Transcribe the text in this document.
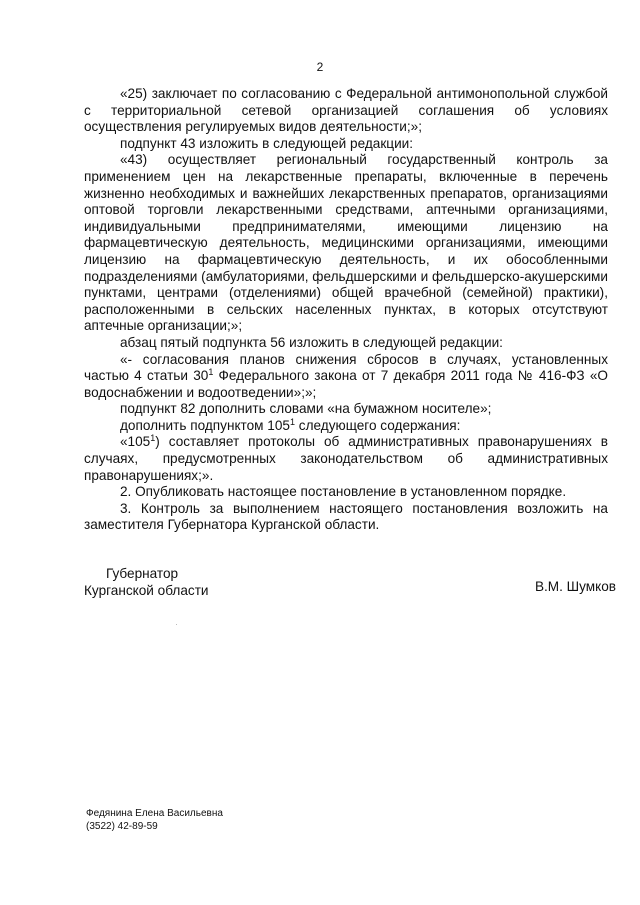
2

«25) заключает по согласованию с Федеральной антимонопольной службой с территориальной сетевой организацией соглашения об условиях осуществления регулируемых видов деятельности;»;

подпункт 43 изложить в следующей редакции:

«43) осуществляет региональный государственный контроль за применением цен на лекарственные препараты, включенные в перечень жизненно необходимых и важнейших лекарственных препаратов, организациями оптовой торговли лекарственными средствами, аптечными организациями, индивидуальными предпринимателями, имеющими лицензию на фармацевтическую деятельность, медицинскими организациями, имеющими лицензию на фармацевтическую деятельность, и их обособленными подразделениями (амбулаториями, фельдшерскими и фельдшерско-акушерскими пунктами, центрами (отделениями) общей врачебной (семейной) практики), расположенными в сельских населенных пунктах, в которых отсутствуют аптечные организации;»;

абзац пятый подпункта 56 изложить в следующей редакции:

«- согласования планов снижения сбросов в случаях, установленных частью 4 статьи $30^1$ Федерального закона от 7 декабря 2011 года № 416-ФЗ «О водоснабжении и водоотведении»;»;

подпункт 82 дополнить словами «на бумажном носителе»;

дополнить подпунктом $105^1$ следующего содержания:

«$105^1$) составляет протоколы об административных правонарушениях в случаях, предусмотренных законодательством об административных правонарушениях;».

2. Опубликовать настоящее постановление в установленном порядке.

3. Контроль за выполнением настоящего постановления возложить на заместителя Губернатора Курганской области.

Губернатор
Курганской области	В.М. Шумков
Федянина Елена Васильевна
(3522) 42-89-59
